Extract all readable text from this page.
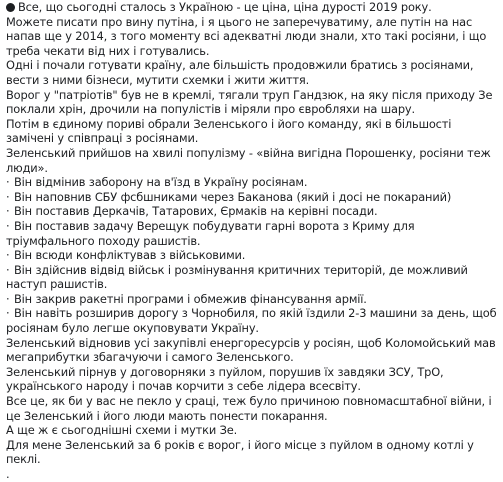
Все, що сьогодні сталось з Україною - це ціна, ціна дурості 2019 року.

Можете писати про вину путіна, і я цього не заперечуватиму, але путін на нас напав ще у 2014, з того моменту всі адекватні люди знали, хто такі росіяни, і що треба чекати від них і готувались.

Одні і почали готувати країну, але більшість продовжили братись з росіянами, вести з ними бізнеси, мутити схемки і жити життя.

Ворог у "патріотів" був не в кремлі, тягали труп Гандзюк, на яку після приходу Зе поклали хрін, дрочили на популістів і міряли про євробляхи на шару.

Потім в єдиному пориві обрали Зеленського і його команду, які в більшості замічені у співпраці з росіянами.

Зеленський прийшов на хвилі популізму - «війна вигідна Порошенку, росіяни теж люди».

· Він відмінив заборону на в'їзд в Україну росіянам.

· Він наповнив СБУ фсбшниками через Баканова (який і досі не покараний)

· Він поставив Деркачів, Татарових, Єрмаків на керівні посади.

· Він поставив задачу Верещук побудувати гарні ворота з Криму для тріумфального походу рашистів.

· Він всюди конфліктував з військовими.

· Він здійснив відвід військ і розмінування критичних територій, де можливий наступ рашистів.

· Він закрив ракетні програми і обмежив фінансування армії.

· Він навіть розширив дорогу з Чорнобиля, по якій їздили 2-3 машини за день, щоб росіянам було легше окуповувати Україну.

Зеленський відновив усі закупівлі енергоресурсів у росіян, щоб Коломойський мав мегаприбутки збагачуючи і самого Зеленського.

Зеленський пірнув у договорняки з пуйлом, порушив їх завдяки ЗСУ, ТрО, українського народу і почав корчити з себе лідера всесвіту.

Все це, як би у вас не пекло у сраці, теж було причиною повномасштабної війни, і це Зеленський і його люди мають понести покарання.

А ще ж є сьогоднішні схеми і мутки Зе.

Для мене Зеленський за 6 років є ворог, і його місце з пуйлом в одному котлі у пеклі.

.
